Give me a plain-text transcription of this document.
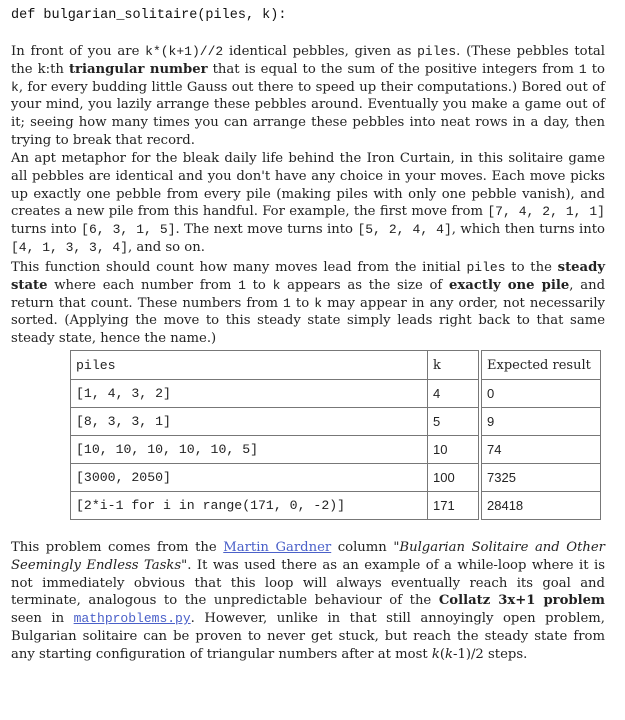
def bulgarian_solitaire(piles, k):

In front of you are k*(k+1)//2 identical pebbles, given as piles. (These pebbles total the k:th triangular number that is equal to the sum of the positive integers from 1 to k, for every budding little Gauss out there to speed up their computations.) Bored out of your mind, you lazily arrange these pebbles around. Eventually you make a game out of it; seeing how many times you can arrange these pebbles into neat rows in a day, then trying to break that record.

An apt metaphor for the bleak daily life behind the Iron Curtain, in this solitaire game all pebbles are identical and you don't have any choice in your moves. Each move picks up exactly one pebble from every pile (making piles with only one pebble vanish), and creates a new pile from this handful. For example, the first move from [7, 4, 2, 1, 1] turns into [6, 3, 1, 5]. The next move turns into [5, 2, 4, 4], which then turns into [4, 1, 3, 3, 4], and so on.

This function should count how many moves lead from the initial piles to the steady state where each number from 1 to k appears as the size of exactly one pile, and return that count. These numbers from 1 to k may appear in any order, not necessarily sorted. (Applying the move to this steady state simply leads right back to that same steady state, hence the name.)

piles	k		Expected result
[1, 4, 3, 2]	4		0
[8, 3, 3, 1]	5		9
[10, 10, 10, 10, 10, 5]	10		74
[3000, 2050]	100		7325
[2*i-1 for i in range(171, 0, -2)]	171		28418

This problem comes from the Martin Gardner column "Bulgarian Solitaire and Other Seemingly Endless Tasks". It was used there as an example of a while-loop where it is not immediately obvious that this loop will always eventually reach its goal and terminate, analogous to the unpredictable behaviour of the Collatz 3x+1 problem seen in mathproblems.py. However, unlike in that still annoyingly open problem, Bulgarian solitaire can be proven to never get stuck, but reach the steady state from any starting configuration of triangular numbers after at most k(k-1)/2 steps.
